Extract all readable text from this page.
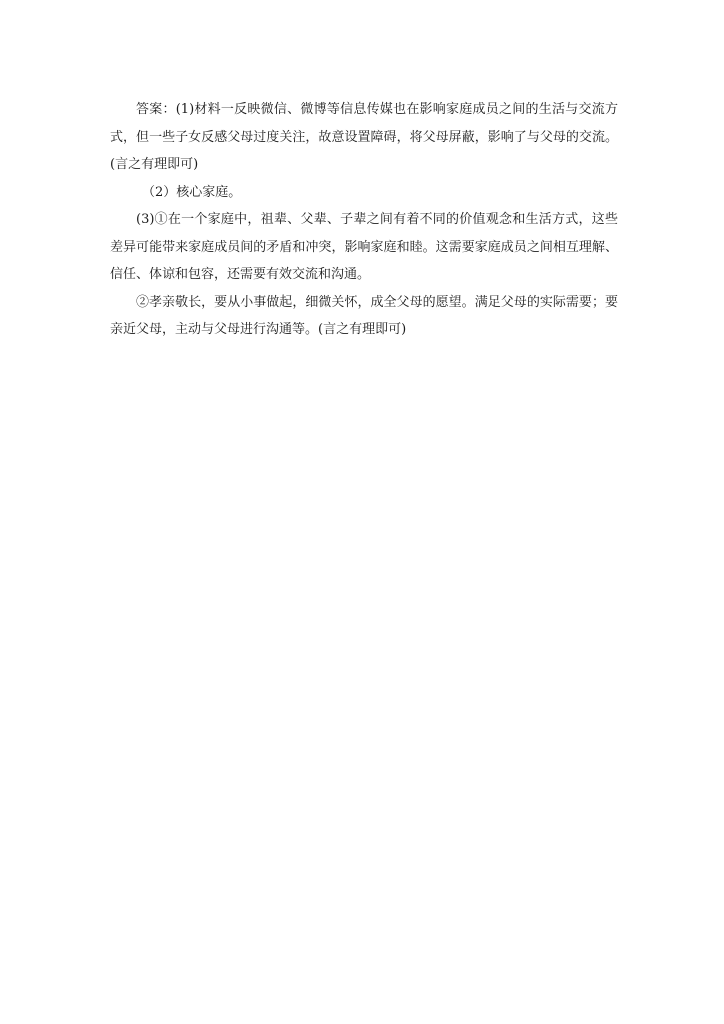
答案：(1)材料一反映微信、微博等信息传媒也在影响家庭成员之间的生活与交流方式，但一些子女反感父母过度关注，故意设置障碍，将父母屏蔽，影响了与父母的交流。(言之有理即可)

（2）核心家庭。

(3)①在一个家庭中，祖辈、父辈、子辈之间有着不同的价值观念和生活方式，这些差异可能带来家庭成员间的矛盾和冲突，影响家庭和睦。这需要家庭成员之间相互理解、信任、体谅和包容，还需要有效交流和沟通。

②孝亲敬长，要从小事做起，细微关怀，成全父母的愿望。满足父母的实际需要；要亲近父母，主动与父母进行沟通等。(言之有理即可)
